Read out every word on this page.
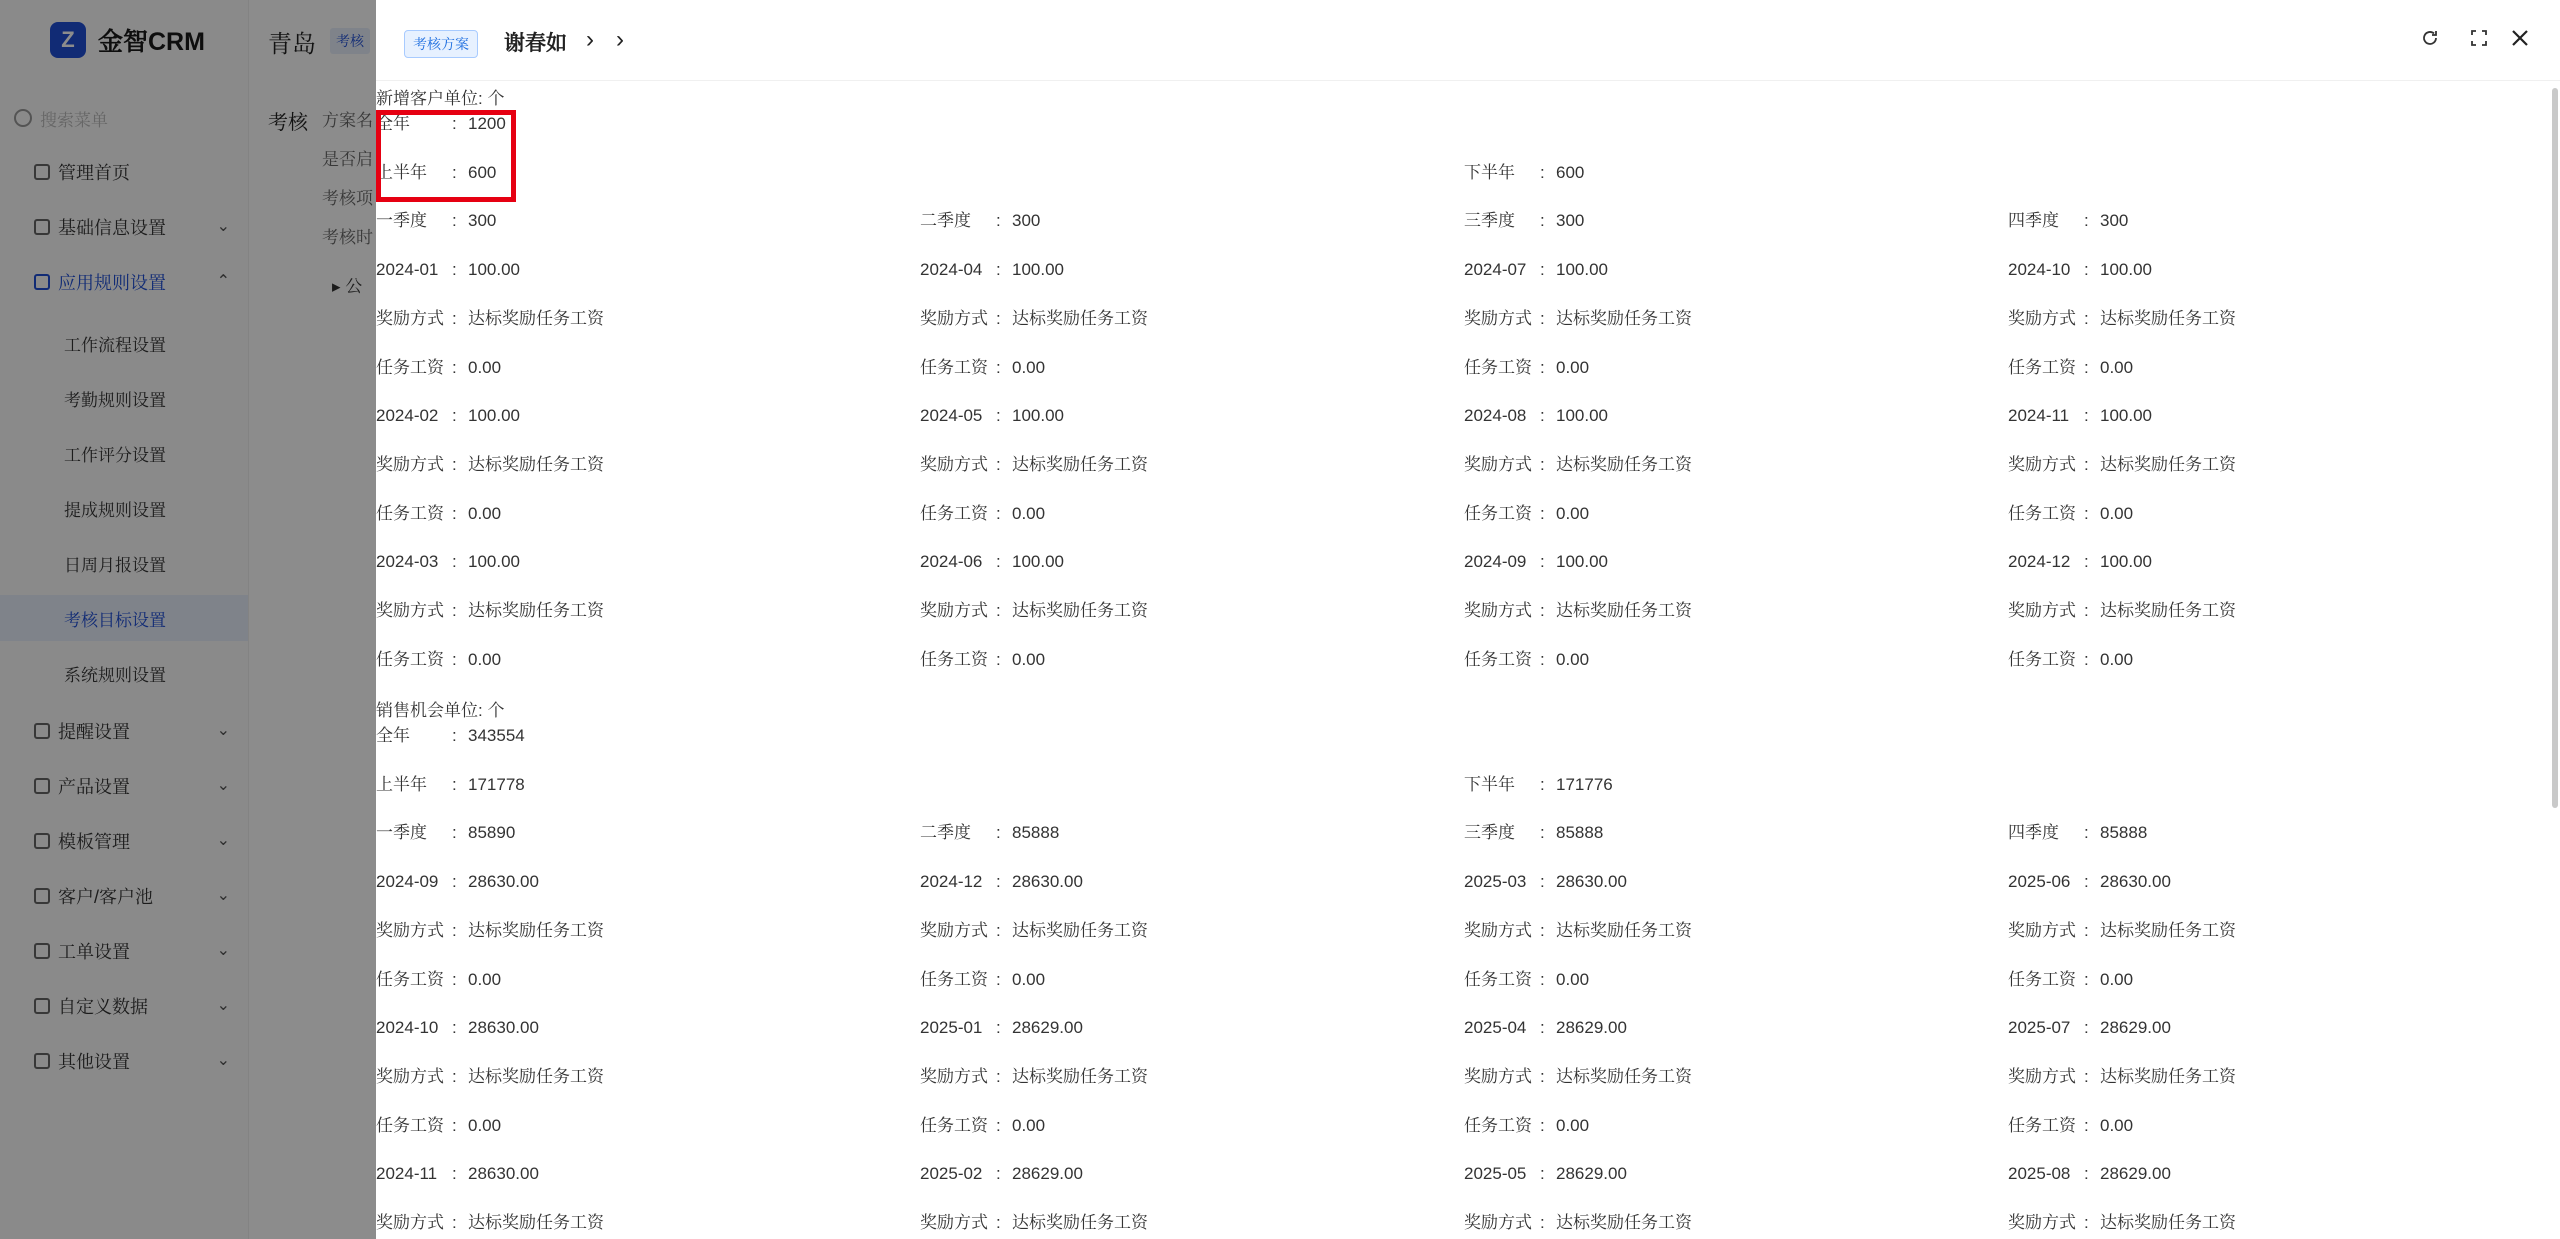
Z 金智CRM
搜索菜单
管理首页
基础信息设置	⌄
应用规则设置	⌃
提醒设置	⌄
产品设置	⌄
模板管理	⌄
客户/客户池	⌄
工单设置	⌄
自定义数据	⌄
其他设置	⌄
工作流程设置
考勤规则设置
工作评分设置
提成规则设置
日周月报设置
考核目标设置
系统规则设置
青岛	考核
考核 方案名
是否启
考核项
考核时
▸ 公
考核方案	谢春如 › ›
新增客户单位: 个
全年 : 1200
上半年 : 600	下半年 : 600
一季度 : 300	二季度 : 300	三季度 : 300	四季度 : 300
2024-01 : 100.00	2024-04 : 100.00	2024-07 : 100.00	2024-10 : 100.00
奖励方式 : 达标奖励任务工资	奖励方式 : 达标奖励任务工资	奖励方式 : 达标奖励任务工资	奖励方式 : 达标奖励任务工资
任务工资 : 0.00	任务工资 : 0.00	任务工资 : 0.00	任务工资 : 0.00
2024-02 : 100.00	2024-05 : 100.00	2024-08 : 100.00	2024-11 : 100.00
奖励方式 : 达标奖励任务工资	奖励方式 : 达标奖励任务工资	奖励方式 : 达标奖励任务工资	奖励方式 : 达标奖励任务工资
任务工资 : 0.00	任务工资 : 0.00	任务工资 : 0.00	任务工资 : 0.00
2024-03 : 100.00	2024-06 : 100.00	2024-09 : 100.00	2024-12 : 100.00
奖励方式 : 达标奖励任务工资	奖励方式 : 达标奖励任务工资	奖励方式 : 达标奖励任务工资	奖励方式 : 达标奖励任务工资
任务工资 : 0.00	任务工资 : 0.00	任务工资 : 0.00	任务工资 : 0.00
销售机会单位: 个
全年 : 343554
上半年 : 171778	下半年 : 171776
一季度 : 85890	二季度 : 85888	三季度 : 85888	四季度 : 85888
2024-09 : 28630.00	2024-12 : 28630.00	2025-03 : 28630.00	2025-06 : 28630.00
奖励方式 : 达标奖励任务工资	奖励方式 : 达标奖励任务工资	奖励方式 : 达标奖励任务工资	奖励方式 : 达标奖励任务工资
任务工资 : 0.00	任务工资 : 0.00	任务工资 : 0.00	任务工资 : 0.00
2024-10 : 28630.00	2025-01 : 28629.00	2025-04 : 28629.00	2025-07 : 28629.00
奖励方式 : 达标奖励任务工资	奖励方式 : 达标奖励任务工资	奖励方式 : 达标奖励任务工资	奖励方式 : 达标奖励任务工资
任务工资 : 0.00	任务工资 : 0.00	任务工资 : 0.00	任务工资 : 0.00
2024-11 : 28630.00	2025-02 : 28629.00	2025-05 : 28629.00	2025-08 : 28629.00
奖励方式 : 达标奖励任务工资	奖励方式 : 达标奖励任务工资	奖励方式 : 达标奖励任务工资	奖励方式 : 达标奖励任务工资
